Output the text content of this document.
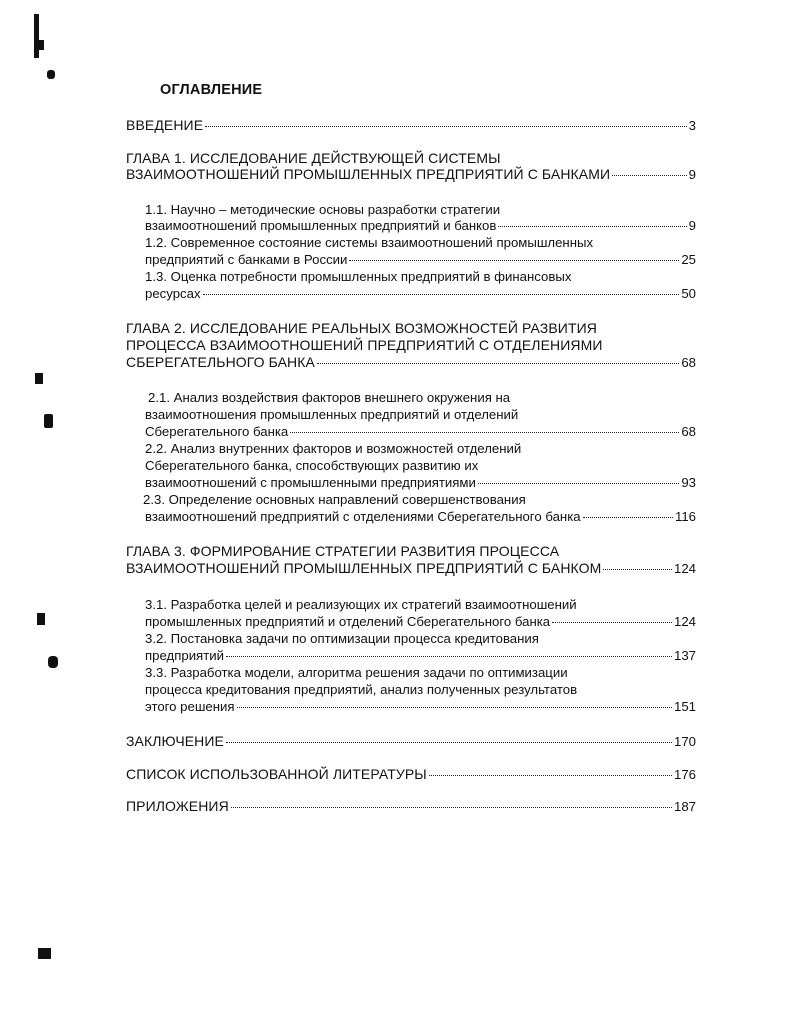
ОГЛАВЛЕНИЕ
ВВЕДЕНИЕ	3
ГЛАВА 1. ИССЛЕДОВАНИЕ ДЕЙСТВУЮЩЕЙ СИСТЕМЫ
ВЗАИМООТНОШЕНИЙ ПРОМЫШЛЕННЫХ ПРЕДПРИЯТИЙ С БАНКАМИ	9
1.1. Научно – методические основы разработки стратегии
взаимоотношений промышленных предприятий и банков	9
1.2. Современное состояние системы взаимоотношений промышленных
предприятий с банками в России	25
1.3. Оценка потребности промышленных предприятий в финансовых
ресурсах	50
ГЛАВА 2. ИССЛЕДОВАНИЕ РЕАЛЬНЫХ ВОЗМОЖНОСТЕЙ РАЗВИТИЯ
ПРОЦЕССА ВЗАИМООТНОШЕНИЙ ПРЕДПРИЯТИЙ С ОТДЕЛЕНИЯМИ
СБЕРЕГАТЕЛЬНОГО БАНКА	68
2.1. Анализ воздействия факторов внешнего окружения на
взаимоотношения промышленных предприятий и отделений
Сберегательного банка	68
2.2. Анализ внутренних факторов и возможностей отделений
Сберегательного банка, способствующих развитию их
взаимоотношений с промышленными предприятиями	93
2.3. Определение основных направлений совершенствования
взаимоотношений предприятий с отделениями Сберегательного банка	116
ГЛАВА 3. ФОРМИРОВАНИЕ СТРАТЕГИИ РАЗВИТИЯ ПРОЦЕССА
ВЗАИМООТНОШЕНИЙ ПРОМЫШЛЕННЫХ ПРЕДПРИЯТИЙ С БАНКОМ	124
3.1. Разработка целей и реализующих их стратегий взаимоотношений
промышленных предприятий и отделений Сберегательного банка	124
3.2. Постановка задачи по оптимизации процесса кредитования
предприятий	137
3.3. Разработка модели, алгоритма решения задачи по оптимизации
процесса кредитования предприятий, анализ полученных результатов
этого решения	151
ЗАКЛЮЧЕНИЕ	170
СПИСОК ИСПОЛЬЗОВАННОЙ ЛИТЕРАТУРЫ	176
ПРИЛОЖЕНИЯ	187
